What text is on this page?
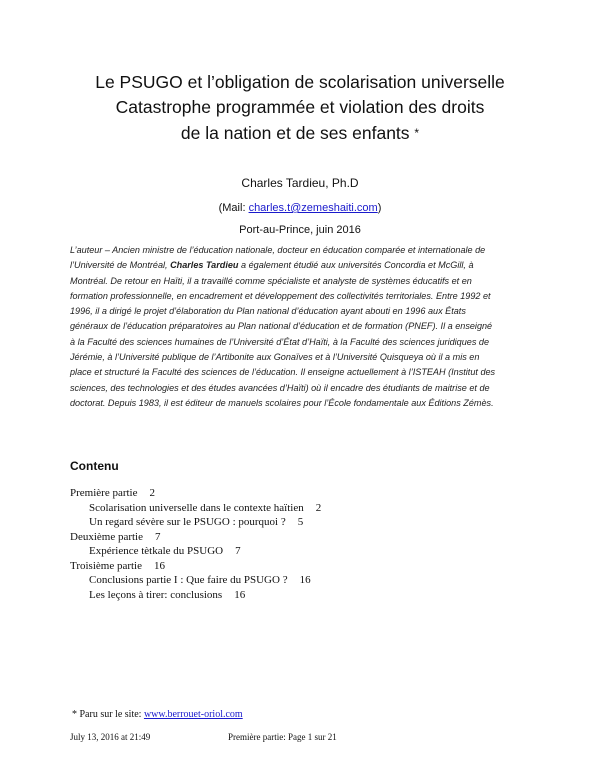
Le PSUGO et l’obligation de scolarisation universelle
Catastrophe programmée et violation des droits
de la nation et de ses enfants *
Charles Tardieu, Ph.D
(Mail: charles.t@zemeshaiti.com)
Port-au-Prince, juin 2016
L’auteur – Ancien ministre de l’éducation nationale, docteur en éducation comparée et internationale de
l’Université de Montréal, Charles Tardieu a également étudié aux universités Concordia et McGill, à
Montréal. De retour en Haïti, il a travaillé comme spécialiste et analyste de systèmes éducatifs et en
formation professionnelle, en encadrement et développement des collectivités territoriales. Entre 1992 et
1996, il a dirigé le projet d’élaboration du Plan national d’éducation ayant abouti en 1996 aux États
généraux de l’éducation préparatoires au Plan national d’éducation et de formation (PNEF). Il a enseigné
à la Faculté des sciences humaines de l’Université d’État d’Haïti, à la Faculté des sciences juridiques de
Jérémie, à l’Université publique de l’Artibonite aux Gonaïves et à l’Université Quisqueya où il a mis en
place et structuré la Faculté des sciences de l’éducation. Il enseigne actuellement à l’ISTEAH (Institut des
sciences, des technologies et des études avancées d’Haïti) où il encadre des étudiants de maitrise et de
doctorat. Depuis 1983, il est éditeur de manuels scolaires pour l’École fondamentale aux Éditions Zémès.
Contenu
Première partie 2
Scolarisation universelle dans le contexte haïtien 2
Un regard sévère sur le PSUGO : pourquoi ? 5
Deuxième partie 7
Expérience tètkale du PSUGO 7
Troisième partie 16
Conclusions partie I : Que faire du PSUGO ? 16
Les leçons à tirer: conclusions 16
* Paru sur le site: www.berrouet-oriol.com
July 13, 2016 at 21:49	Première partie: Page 1 sur 21
